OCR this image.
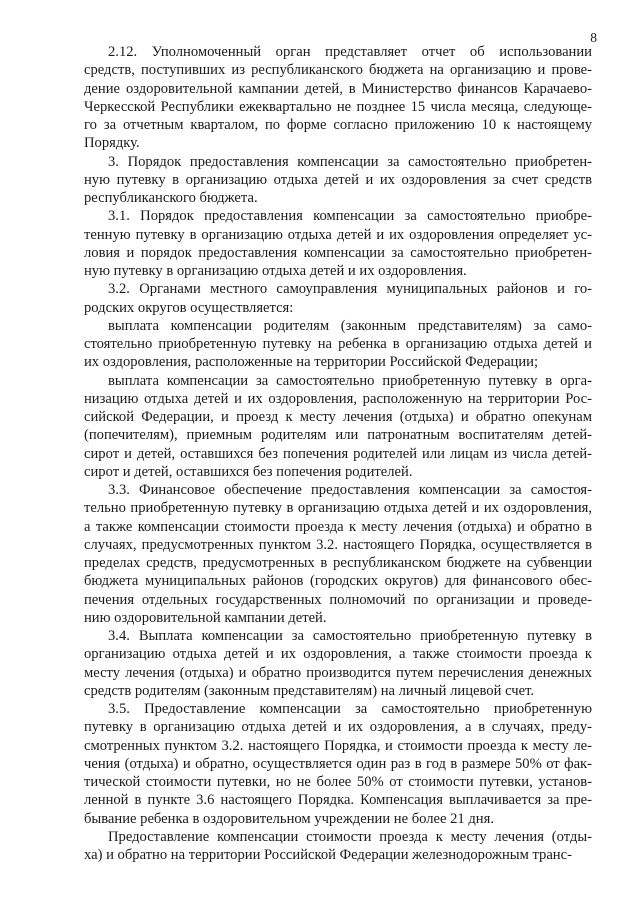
8
2.12. Уполномоченный орган представляет отчет об использовании
средств, поступивших из республиканского бюджета на организацию и прове-
дение оздоровительной кампании детей, в Министерство финансов Карачаево-
Черкесской Республики ежеквартально не позднее 15 числа месяца, следующе-
го за отчетным кварталом, по форме согласно приложению 10 к настоящему
Порядку.
3. Порядок предоставления компенсации за самостоятельно приобретен-
ную путевку в организацию отдыха детей и их оздоровления за счет средств
республиканского бюджета.
3.1. Порядок предоставления компенсации за самостоятельно приобре-
тенную путевку в организацию отдыха детей и их оздоровления определяет ус-
ловия и порядок предоставления компенсации за самостоятельно приобретен-
ную путевку в организацию отдыха детей и их оздоровления.
3.2. Органами местного самоуправления муниципальных районов и го-
родских округов осуществляется:
выплата компенсации родителям (законным представителям) за само-
стоятельно приобретенную путевку на ребенка в организацию отдыха детей и
их оздоровления, расположенные на территории Российской Федерации;
выплата компенсации за самостоятельно приобретенную путевку в орга-
низацию отдыха детей и их оздоровления, расположенную на территории Рос-
сийской Федерации, и проезд к месту лечения (отдыха) и обратно опекунам
(попечителям), приемным родителям или патронатным воспитателям детей-
сирот и детей, оставшихся без попечения родителей или лицам из числа детей-
сирот и детей, оставшихся без попечения родителей.
3.3. Финансовое обеспечение предоставления компенсации за самостоя-
тельно приобретенную путевку в организацию отдыха детей и их оздоровления,
а также компенсации стоимости проезда к месту лечения (отдыха) и обратно в
случаях, предусмотренных пунктом 3.2. настоящего Порядка, осуществляется в
пределах средств, предусмотренных в республиканском бюджете на субвенции
бюджета муниципальных районов (городских округов) для финансового обес-
печения отдельных государственных полномочий по организации и проведе-
нию оздоровительной кампании детей.
3.4. Выплата компенсации за самостоятельно приобретенную путевку в
организацию отдыха детей и их оздоровления, а также стоимости проезда к
месту лечения (отдыха) и обратно производится путем перечисления денежных
средств родителям (законным представителям) на личный лицевой счет.
3.5. Предоставление компенсации за самостоятельно приобретенную
путевку в организацию отдыха детей и их оздоровления, а в случаях, преду-
смотренных пунктом 3.2. настоящего Порядка, и стоимости проезда к месту ле-
чения (отдыха) и обратно, осуществляется один раз в год в размере 50% от фак-
тической стоимости путевки, но не более 50% от стоимости путевки, установ-
ленной в пункте 3.6 настоящего Порядка. Компенсация выплачивается за пре-
бывание ребенка в оздоровительном учреждении не более 21 дня.
Предоставление компенсации стоимости проезда к месту лечения (отды-
ха) и обратно на территории Российской Федерации железнодорожным транс-
